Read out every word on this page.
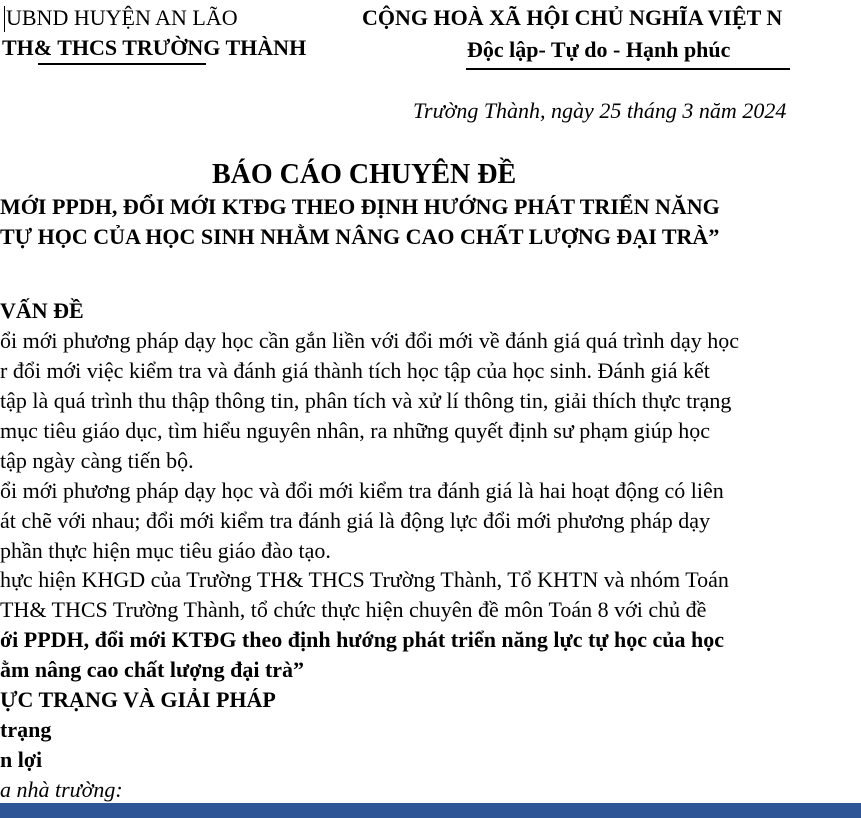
UBND HUYỆN AN LÃO
TH& THCS TRƯỜNG THÀNH
CỘNG HOÀ XÃ HỘI CHỦ NGHĨA VIỆT N
Độc lập- Tự do - Hạnh phúc
Trường Thành, ngày 25 tháng 3 năm 2024
BÁO CÁO CHUYÊN ĐỀ
MỚI PPDH, ĐỔI MỚI KTĐG THEO ĐỊNH HƯỚNG PHÁT TRIỂN NĂNG
TỰ HỌC CỦA HỌC SINH NHẰM NÂNG CAO CHẤT LƯỢNG ĐẠI TRÀ”
VẤN ĐỀ
ổi mới phương pháp dạy học cần gắn liền với đổi mới về đánh giá quá trình dạy học
r đổi mới việc kiểm tra và đánh giá thành tích học tập của học sinh. Đánh giá kết
tập là quá trình thu thập thông tin, phân tích và xử lí thông tin, giải thích thực trạng
mục tiêu giáo dục, tìm hiểu nguyên nhân, ra những quyết định sư phạm giúp học
tập ngày càng tiến bộ.
ổi mới phương pháp dạy học và đổi mới kiểm tra đánh giá là hai hoạt động có liên
át chẽ với nhau; đổi mới kiểm tra đánh giá là động lực đổi mới phương pháp dạy
phần thực hiện mục tiêu giáo đào tạo.
hực hiện KHGD của Trường TH& THCS Trường Thành, Tổ KHTN và nhóm Toán
TH& THCS Trường Thành, tổ chức thực hiện chuyên đề môn Toán 8 với chủ đề
ới PPDH, đổi mới KTĐG theo định hướng phát triển năng lực tự học của học
ằm nâng cao chất lượng đại trà”
ỰC TRẠNG VÀ GIẢI PHÁP
trạng
n lợi
a nhà trường:
